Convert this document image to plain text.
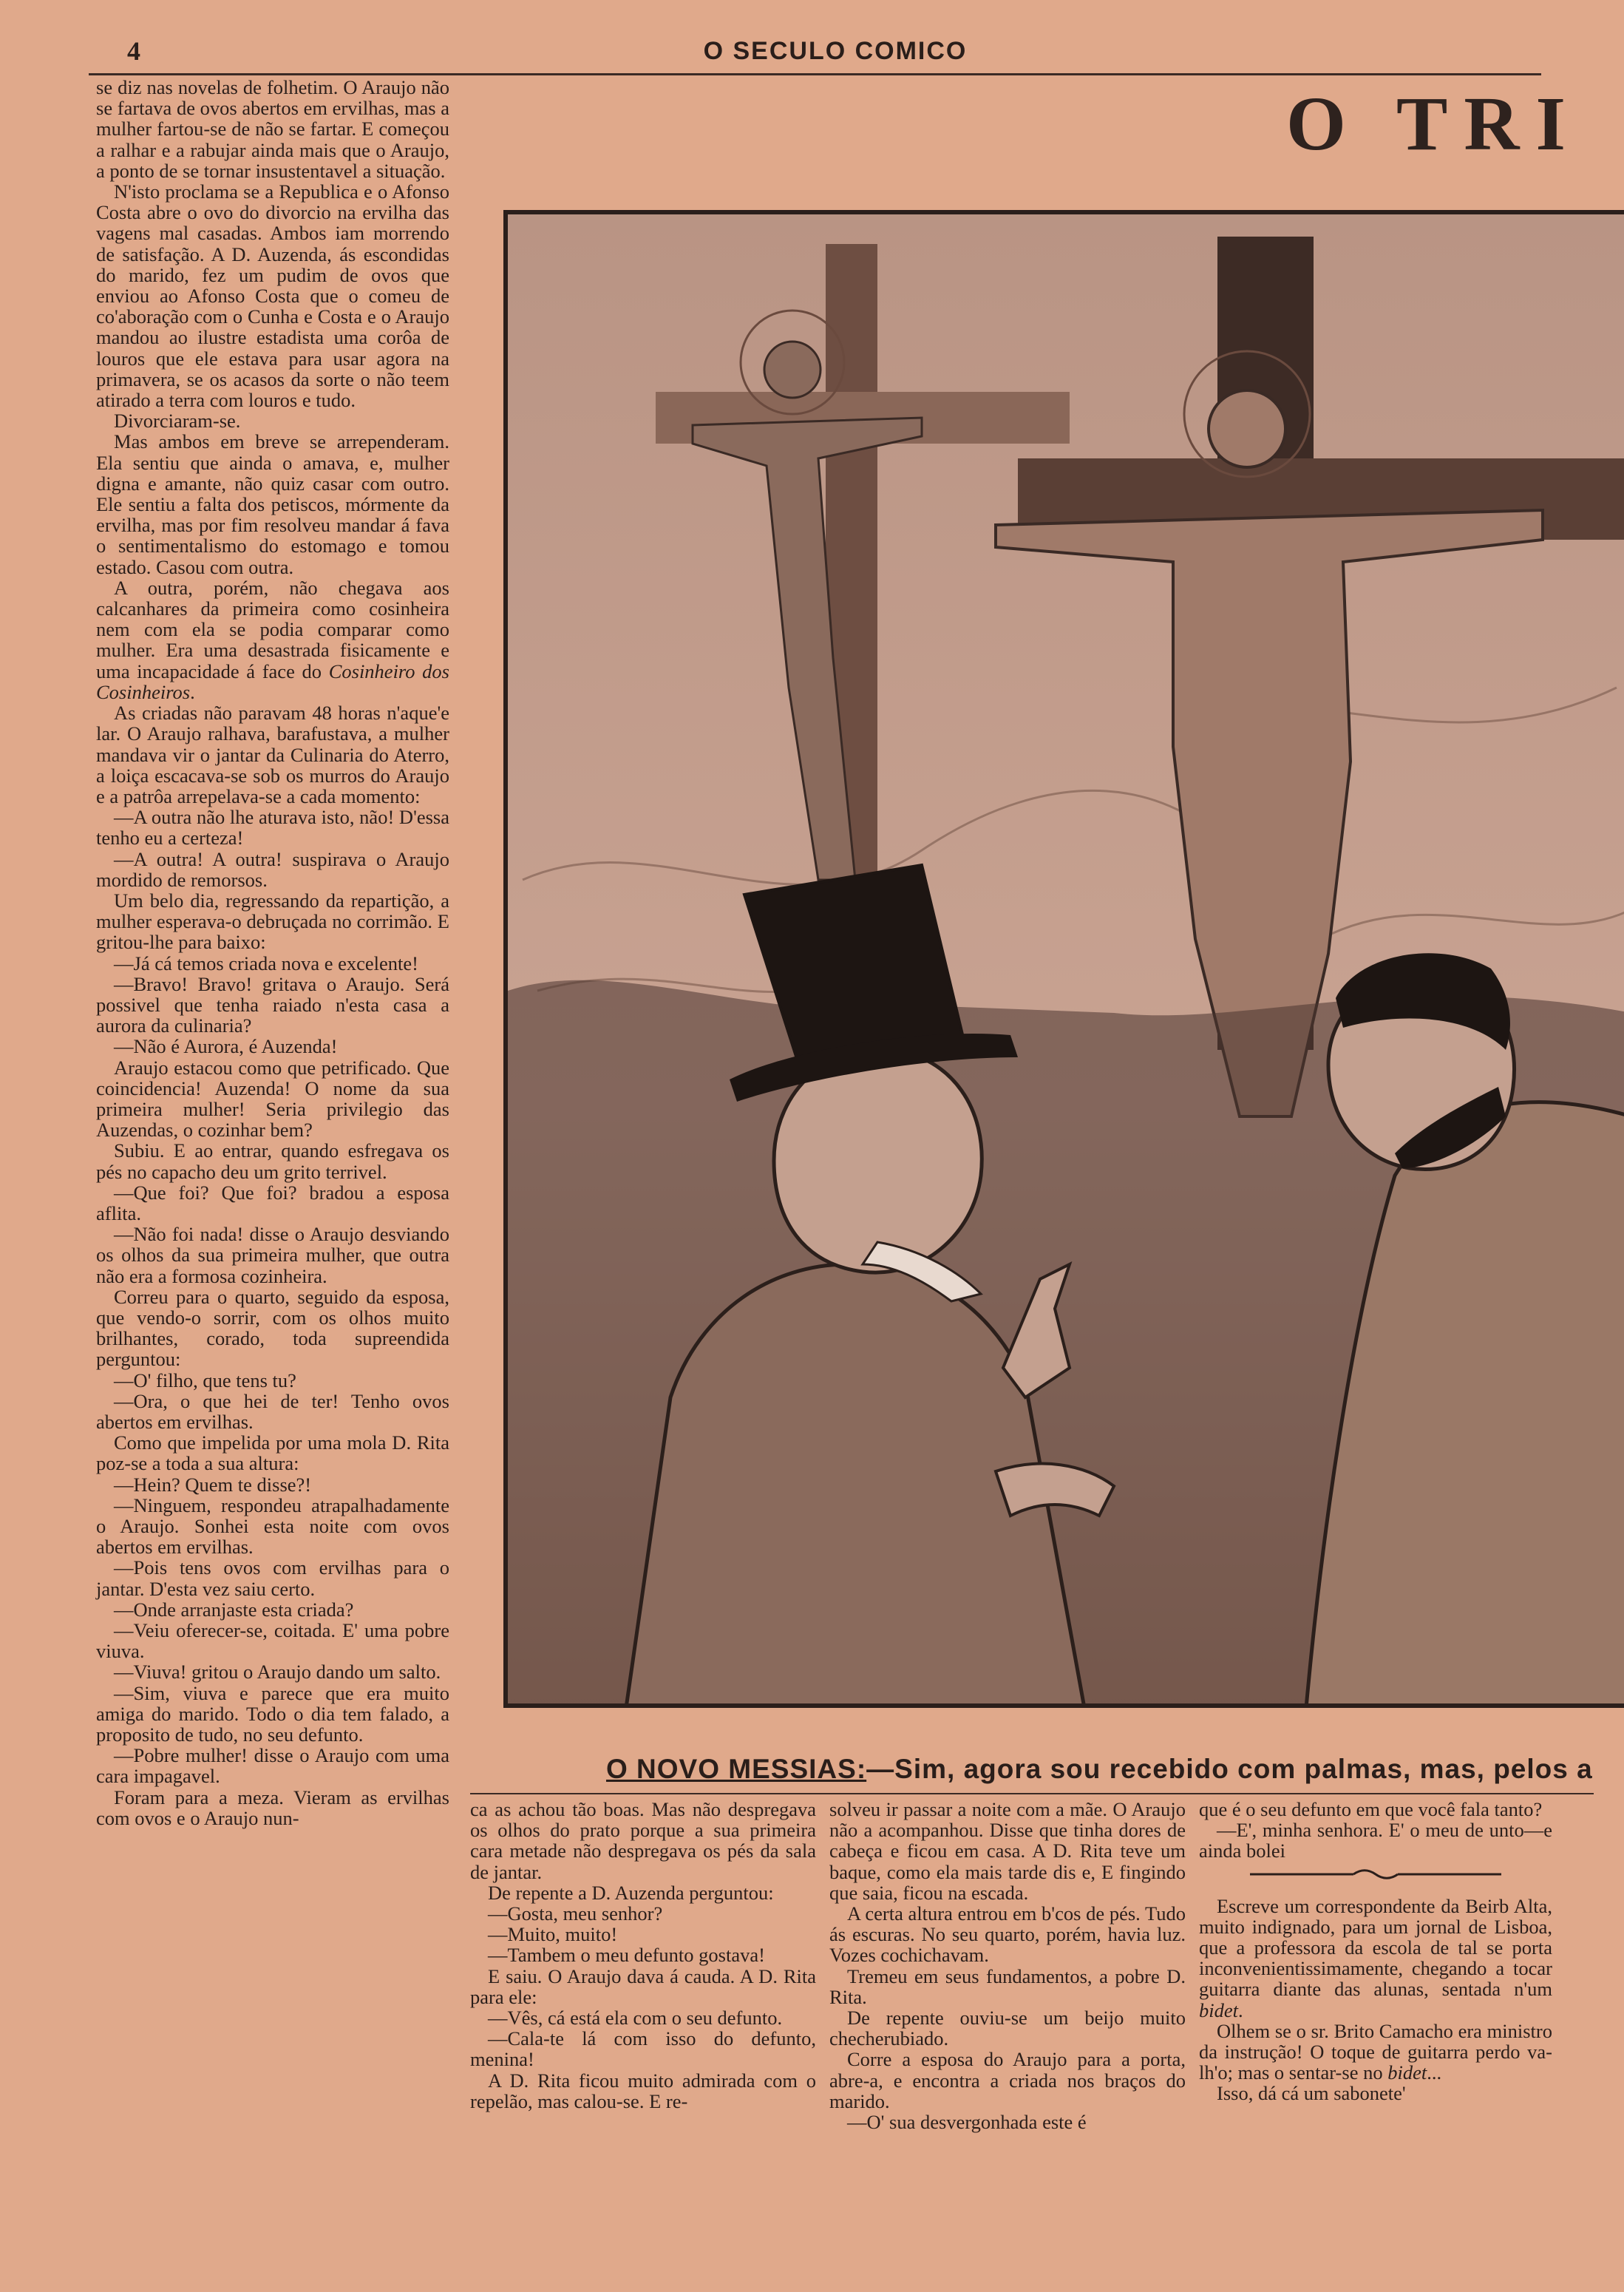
4	O SECULO COMICO
O TRI

se diz nas novelas de folhetim. O Araujo não se fartava de ovos abertos em ervilhas, mas a mulher fartou-se de não se fartar. E começou a ralhar e a rabujar ainda mais que o Araujo, a ponto de se tornar insustentavel a situação.

N'isto proclama se a Republica e o Afonso Costa abre o ovo do divorcio na ervilha das vagens mal casadas. Ambos iam morrendo de satisfação. A D. Auzenda, ás escondidas do marido, fez um pudim de ovos que enviou ao Afonso Costa que o comeu de co'aboração com o Cunha e Costa e o Araujo mandou ao ilustre estadista uma corôa de louros que ele estava para usar agora na primavera, se os acasos da sorte o não teem atirado a terra com louros e tudo.

Divorciaram-se.

Mas ambos em breve se arrependeram. Ela sentiu que ainda o amava, e, mulher digna e amante, não quiz casar com outro. Ele sentiu a falta dos petiscos, mórmente da ervilha, mas por fim resolveu mandar á fava o sentimentalismo do estomago e tomou estado. Casou com outra.

A outra, porém, não chegava aos calcanhares da primeira como cosinheira nem com ela se podia comparar como mulher. Era uma desastrada fisicamente e uma incapacidade á face do Cosinheiro dos Cosinheiros.

As criadas não paravam 48 horas n'aque'e lar. O Araujo ralhava, barafustava, a mulher mandava vir o jantar da Culinaria do Aterro, a loiça escacava-se sob os murros do Araujo e a patrôa arrepelava-se a cada momento:

—A outra não lhe aturava isto, não! D'essa tenho eu a certeza!

—A outra! A outra! suspirava o Araujo mordido de remorsos.

Um belo dia, regressando da repartição, a mulher esperava-o debruçada no corrimão. E gritou-lhe para baixo:

—Já cá temos criada nova e excelente!

—Bravo! Bravo! gritava o Araujo. Será possivel que tenha raiado n'esta casa a aurora da culinaria?

—Não é Aurora, é Auzenda!

Araujo estacou como que petrificado. Que coincidencia! Auzenda! O nome da sua primeira mulher! Seria privilegio das Auzendas, o cozinhar bem?

Subiu. E ao entrar, quando esfregava os pés no capacho deu um grito terrivel.

—Que foi? Que foi? bradou a esposa aflita.

—Não foi nada! disse o Araujo desviando os olhos da sua primeira mulher, que outra não era a formosa cozinheira.

Correu para o quarto, seguido da esposa, que vendo-o sorrir, com os olhos muito brilhantes, corado, toda supreendida perguntou:

—O' filho, que tens tu?

—Ora, o que hei de ter! Tenho ovos abertos em ervilhas.

Como que impelida por uma mola D. Rita poz-se a toda a sua altura:

—Hein? Quem te disse?!

—Ninguem, respondeu atrapalhadamente o Araujo. Sonhei esta noite com ovos abertos em ervilhas.

—Pois tens ovos com ervilhas para o jantar. D'esta vez saiu certo.

—Onde arranjaste esta criada?

—Veiu oferecer-se, coitada. E' uma pobre viuva.

—Viuva! gritou o Araujo dando um salto.

—Sim, viuva e parece que era muito amiga do marido. Todo o dia tem falado, a proposito de tudo, no seu defunto.

—Pobre mulher! disse o Araujo com uma cara impagavel.

Foram para a meza. Vieram as ervilhas com ovos e o Araujo nun-

O NOVO MESSIAS:—Sim, agora sou recebido com palmas, mas, pelos a

ca as achou tão boas. Mas não despregava os olhos do prato porque a sua primeira cara metade não despregava os pés da sala de jantar.

De repente a D. Auzenda perguntou:

—Gosta, meu senhor?

—Muito, muito!

—Tambem o meu defunto gostava!

E saiu. O Araujo dava á cauda. A D. Rita para ele:

—Vês, cá está ela com o seu defunto.

—Cala-te lá com isso do defunto, menina!

A D. Rita ficou muito admirada com o repelão, mas calou-se. E re-

solveu ir passar a noite com a mãe. O Araujo não a acompanhou. Disse que tinha dores de cabeça e ficou em casa. A D. Rita teve um baque, como ela mais tarde dis e, E fingindo que saia, ficou na escada.

A certa altura entrou em b'cos de pés. Tudo ás escuras. No seu quarto, porém, havia luz. Vozes cochichavam.

Tremeu em seus fundamentos, a pobre D. Rita.

De repente ouviu-se um beijo muito checherubiado.

Corre a esposa do Araujo para a porta, abre-a, e encontra a criada nos braços do marido.

—O' sua desvergonhada este é

que é o seu defunto em que você fala tanto?

—E', minha senhora. E' o meu de unto—e ainda bolei

Escreve um correspondente da Beirb Alta, muito indignado, para um jornal de Lisboa, que a professora da escola de tal se porta inconvenientissimamente, chegando a tocar guitarra diante das alunas, sentada n'um bidet.

Olhem se o sr. Brito Camacho era ministro da instrução! O toque de guitarra perdo va-lh'o; mas o sentar-se no bidet...

Isso, dá cá um sabonete'
